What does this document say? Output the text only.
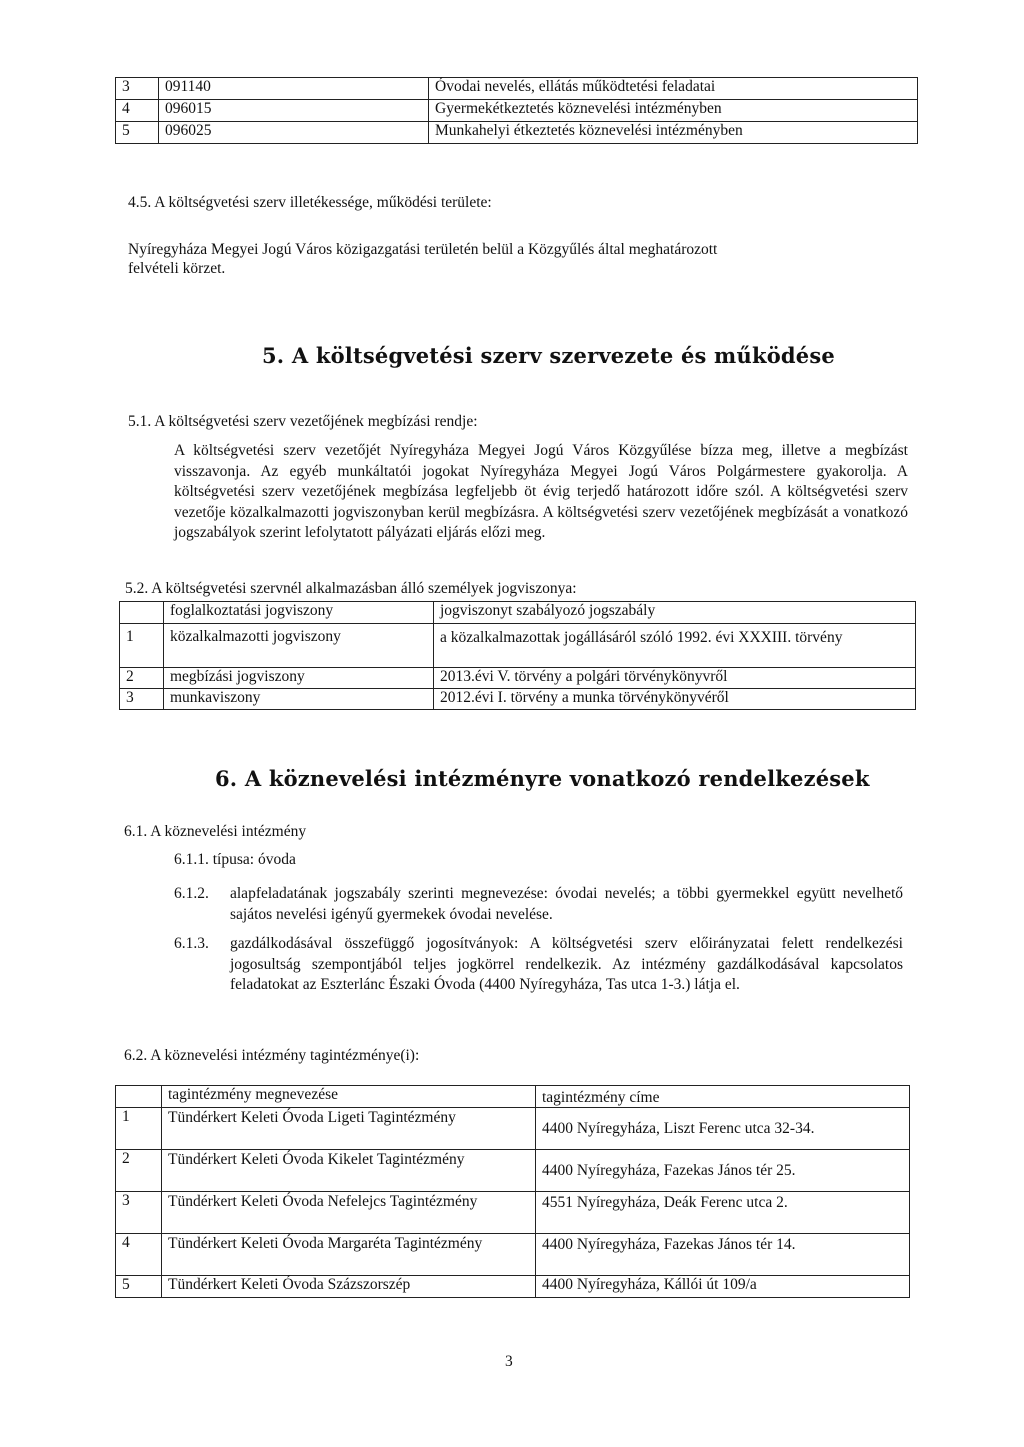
3	091140	Óvodai nevelés, ellátás működtetési feladatai
4	096015	Gyermekétkeztetés köznevelési intézményben
5	096025	Munkahelyi étkeztetés köznevelési intézményben
4.5. A költségvetési szerv illetékessége, működési területe:
Nyíregyháza Megyei Jogú Város közigazgatási területén belül a Közgyűlés által meghatározott
felvételi körzet.
5. A költségvetési szerv szervezete és működése
5.1. A költségvetési szerv vezetőjének megbízási rendje:
A költségvetési szerv vezetőjét Nyíregyháza Megyei Jogú Város Közgyűlése bízza meg, illetve a megbízást visszavonja. Az egyéb munkáltatói jogokat Nyíregyháza Megyei Jogú Város Polgármestere gyakorolja. A költségvetési szerv vezetőjének megbízása legfeljebb öt évig terjedő határozott időre szól. A költségvetési szerv vezetője közalkalmazotti jogviszonyban kerül megbízásra. A költségvetési szerv vezetőjének megbízását a vonatkozó jogszabályok szerint lefolytatott pályázati eljárás előzi meg.
5.2. A költségvetési szervnél alkalmazásban álló személyek jogviszonya:
	foglalkoztatási jogviszony	jogviszonyt szabályozó jogszabály
1	közalkalmazotti jogviszony	a közalkalmazottak jogállásáról szóló 1992. évi XXXIII. törvény
2	megbízási jogviszony	2013.évi V. törvény a polgári törvénykönyvről
3	munkaviszony	2012.évi I. törvény a munka törvénykönyvéről
6. A köznevelési intézményre vonatkozó rendelkezések
6.1. A köznevelési intézmény
6.1.1. típusa: óvoda
6.1.2. alapfeladatának jogszabály szerinti megnevezése: óvodai nevelés; a többi gyermekkel együtt nevelhető sajátos nevelési igényű gyermekek óvodai nevelése.
6.1.3. gazdálkodásával összefüggő jogosítványok: A költségvetési szerv előirányzatai felett rendelkezési jogosultság szempontjából teljes jogkörrel rendelkezik. Az intézmény gazdálkodásával kapcsolatos feladatokat az Eszterlánc Északi Óvoda (4400 Nyíregyháza, Tas utca 1-3.) látja el.
6.2. A köznevelési intézmény tagintézménye(i):
	tagintézmény megnevezése	tagintézmény címe
1	Tündérkert Keleti Óvoda Ligeti Tagintézmény	4400 Nyíregyháza, Liszt Ferenc utca 32-34.
2	Tündérkert Keleti Óvoda Kikelet Tagintézmény	4400 Nyíregyháza, Fazekas János tér 25.
3	Tündérkert Keleti Óvoda Nefelejcs Tagintézmény	4551 Nyíregyháza, Deák Ferenc utca 2.
4	Tündérkert Keleti Óvoda Margaréta Tagintézmény	4400 Nyíregyháza, Fazekas János tér 14.
5	Tündérkert Keleti Óvoda Százszorszép	4400 Nyíregyháza, Kállói út 109/a
3
